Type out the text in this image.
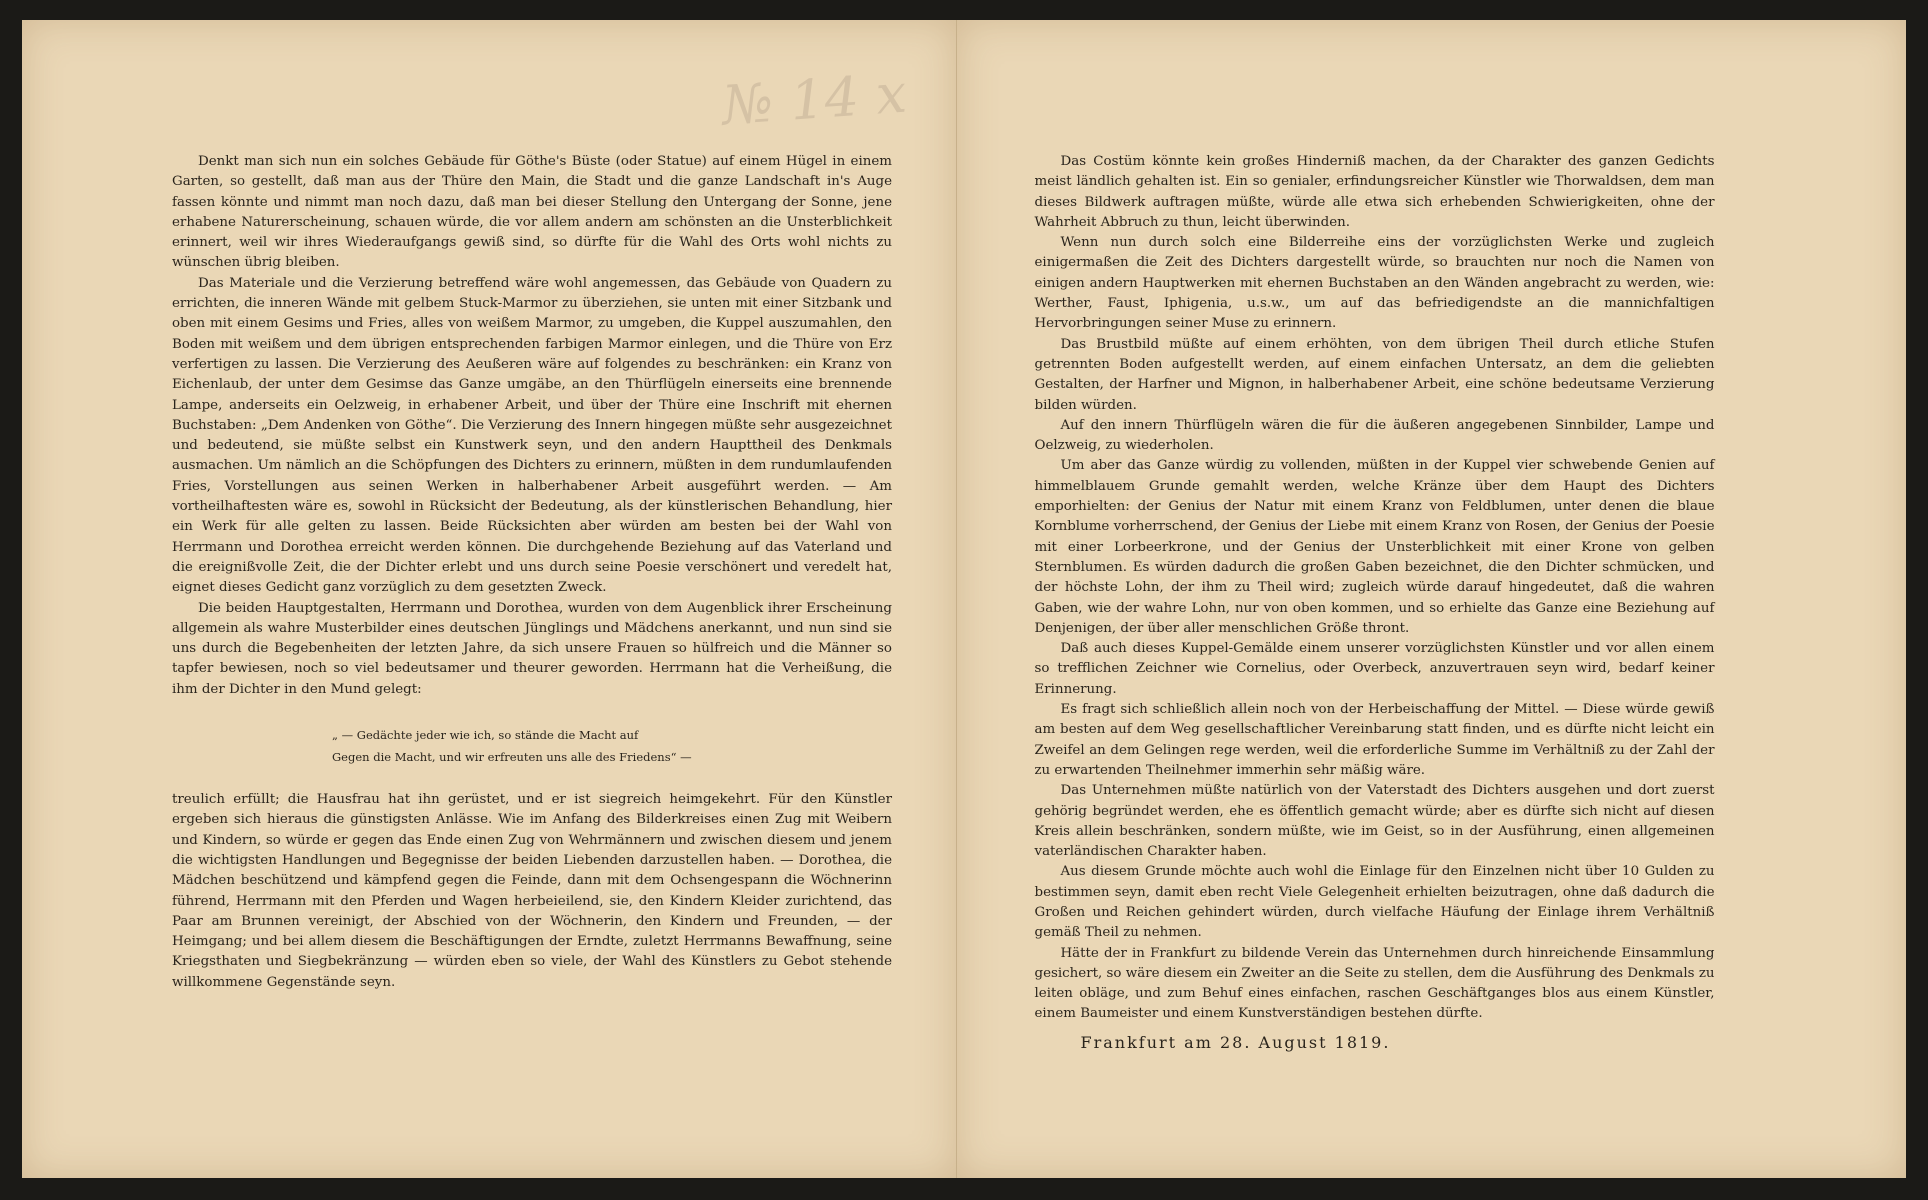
№ 14 x

Denkt man sich nun ein solches Gebäude für Göthe's Büste (oder Statue) auf einem Hügel in einem Garten, so gestellt, daß man aus der Thüre den Main, die Stadt und die ganze Landschaft in's Auge fassen könnte und nimmt man noch dazu, daß man bei dieser Stellung den Untergang der Sonne, jene erhabene Naturerscheinung, schauen würde, die vor allem andern am schönsten an die Unsterblichkeit erinnert, weil wir ihres Wiederaufgangs gewiß sind, so dürfte für die Wahl des Orts wohl nichts zu wünschen übrig bleiben.

Das Materiale und die Verzierung betreffend wäre wohl angemessen, das Gebäude von Quadern zu errichten, die inneren Wände mit gelbem Stuck-Marmor zu überziehen, sie unten mit einer Sitzbank und oben mit einem Gesims und Fries, alles von weißem Marmor, zu umgeben, die Kuppel auszumahlen, den Boden mit weißem und dem übrigen entsprechenden farbigen Marmor einlegen, und die Thüre von Erz verfertigen zu lassen. Die Verzierung des Aeußeren wäre auf folgendes zu beschränken: ein Kranz von Eichenlaub, der unter dem Gesimse das Ganze umgäbe, an den Thürflügeln einerseits eine brennende Lampe, anderseits ein Oelzweig, in erhabener Arbeit, und über der Thüre eine Inschrift mit ehernen Buchstaben: „Dem Andenken von Göthe“. Die Verzierung des Innern hingegen müßte sehr ausgezeichnet und bedeutend, sie müßte selbst ein Kunstwerk seyn, und den andern Haupttheil des Denkmals ausmachen. Um nämlich an die Schöpfungen des Dichters zu erinnern, müßten in dem rundumlaufenden Fries, Vorstellungen aus seinen Werken in halberhabener Arbeit ausgeführt werden. — Am vortheilhaftesten wäre es, sowohl in Rücksicht der Bedeutung, als der künstlerischen Behandlung, hier ein Werk für alle gelten zu lassen. Beide Rücksichten aber würden am besten bei der Wahl von Herrmann und Dorothea erreicht werden können. Die durchgehende Beziehung auf das Vaterland und die ereignißvolle Zeit, die der Dichter erlebt und uns durch seine Poesie verschönert und veredelt hat, eignet dieses Gedicht ganz vorzüglich zu dem gesetzten Zweck.

Die beiden Hauptgestalten, Herrmann und Dorothea, wurden von dem Augenblick ihrer Erscheinung allgemein als wahre Musterbilder eines deutschen Jünglings und Mädchens anerkannt, und nun sind sie uns durch die Begebenheiten der letzten Jahre, da sich unsere Frauen so hülfreich und die Männer so tapfer bewiesen, noch so viel bedeutsamer und theurer geworden. Herrmann hat die Verheißung, die ihm der Dichter in den Mund gelegt:

„ — Gedächte jeder wie ich, so stände die Macht auf
Gegen die Macht, und wir erfreuten uns alle des Friedens“ —

treulich erfüllt; die Hausfrau hat ihn gerüstet, und er ist siegreich heimgekehrt. Für den Künstler ergeben sich hieraus die günstigsten Anlässe. Wie im Anfang des Bilderkreises einen Zug mit Weibern und Kindern, so würde er gegen das Ende einen Zug von Wehrmännern und zwischen diesem und jenem die wichtigsten Handlungen und Begegnisse der beiden Liebenden darzustellen haben. — Dorothea, die Mädchen beschützend und kämpfend gegen die Feinde, dann mit dem Ochsengespann die Wöchnerinn führend, Herrmann mit den Pferden und Wagen herbeieilend, sie, den Kindern Kleider zurichtend, das Paar am Brunnen vereinigt, der Abschied von der Wöchnerin, den Kindern und Freunden, — der Heimgang; und bei allem diesem die Beschäftigungen der Erndte, zuletzt Herrmanns Bewaffnung, seine Kriegsthaten und Siegbekränzung — würden eben so viele, der Wahl des Künstlers zu Gebot stehende willkommene Gegenstände seyn.

Das Costüm könnte kein großes Hinderniß machen, da der Charakter des ganzen Gedichts meist ländlich gehalten ist. Ein so genialer, erfindungsreicher Künstler wie Thorwaldsen, dem man dieses Bildwerk auftragen müßte, würde alle etwa sich erhebenden Schwierigkeiten, ohne der Wahrheit Abbruch zu thun, leicht überwinden.

Wenn nun durch solch eine Bilderreihe eins der vorzüglichsten Werke und zugleich einigermaßen die Zeit des Dichters dargestellt würde, so brauchten nur noch die Namen von einigen andern Hauptwerken mit ehernen Buchstaben an den Wänden angebracht zu werden, wie: Werther, Faust, Iphigenia, u.s.w., um auf das befriedigendste an die mannichfaltigen Hervorbringungen seiner Muse zu erinnern.

Das Brustbild müßte auf einem erhöhten, von dem übrigen Theil durch etliche Stufen getrennten Boden aufgestellt werden, auf einem einfachen Untersatz, an dem die geliebten Gestalten, der Harfner und Mignon, in halberhabener Arbeit, eine schöne bedeutsame Verzierung bilden würden.

Auf den innern Thürflügeln wären die für die äußeren angegebenen Sinnbilder, Lampe und Oelzweig, zu wiederholen.

Um aber das Ganze würdig zu vollenden, müßten in der Kuppel vier schwebende Genien auf himmelblauem Grunde gemahlt werden, welche Kränze über dem Haupt des Dichters emporhielten: der Genius der Natur mit einem Kranz von Feldblumen, unter denen die blaue Kornblume vorherrschend, der Genius der Liebe mit einem Kranz von Rosen, der Genius der Poesie mit einer Lorbeerkrone, und der Genius der Unsterblichkeit mit einer Krone von gelben Sternblumen. Es würden dadurch die großen Gaben bezeichnet, die den Dichter schmücken, und der höchste Lohn, der ihm zu Theil wird; zugleich würde darauf hingedeutet, daß die wahren Gaben, wie der wahre Lohn, nur von oben kommen, und so erhielte das Ganze eine Beziehung auf Denjenigen, der über aller menschlichen Größe thront.

Daß auch dieses Kuppel-Gemälde einem unserer vorzüglichsten Künstler und vor allen einem so trefflichen Zeichner wie Cornelius, oder Overbeck, anzuvertrauen seyn wird, bedarf keiner Erinnerung.

Es fragt sich schließlich allein noch von der Herbeischaffung der Mittel. — Diese würde gewiß am besten auf dem Weg gesellschaftlicher Vereinbarung statt finden, und es dürfte nicht leicht ein Zweifel an dem Gelingen rege werden, weil die erforderliche Summe im Verhältniß zu der Zahl der zu erwartenden Theilnehmer immerhin sehr mäßig wäre.

Das Unternehmen müßte natürlich von der Vaterstadt des Dichters ausgehen und dort zuerst gehörig begründet werden, ehe es öffentlich gemacht würde; aber es dürfte sich nicht auf diesen Kreis allein beschränken, sondern müßte, wie im Geist, so in der Ausführung, einen allgemeinen vaterländischen Charakter haben.

Aus diesem Grunde möchte auch wohl die Einlage für den Einzelnen nicht über 10 Gulden zu bestimmen seyn, damit eben recht Viele Gelegenheit erhielten beizutragen, ohne daß dadurch die Großen und Reichen gehindert würden, durch vielfache Häufung der Einlage ihrem Verhältniß gemäß Theil zu nehmen.

Hätte der in Frankfurt zu bildende Verein das Unternehmen durch hinreichende Einsammlung gesichert, so wäre diesem ein Zweiter an die Seite zu stellen, dem die Ausführung des Denkmals zu leiten obläge, und zum Behuf eines einfachen, raschen Geschäftganges blos aus einem Künstler, einem Baumeister und einem Kunstverständigen bestehen dürfte.

Frankfurt am 28. August 1819.
